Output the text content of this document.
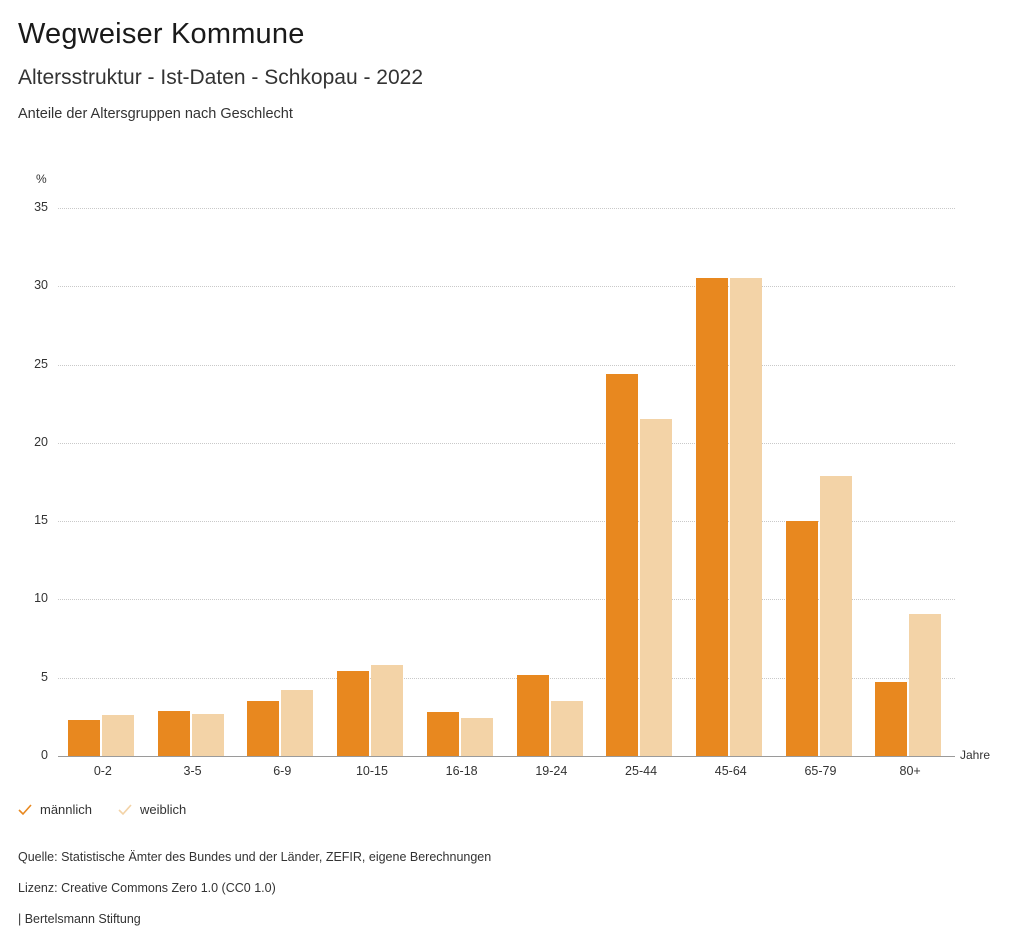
Wegweiser Kommune
Altersstruktur - Ist-Daten - Schkopau - 2022
Anteile der Altersgruppen nach Geschlecht
%
Jahre
0
5
10
15
20
25
30
35
0-2	3-5	6-9	10-15	16-18	19-24	25-44	45-64	65-79	80+
männlich	weiblich
Quelle: Statistische Ämter des Bundes und der Länder, ZEFIR, eigene Berechnungen
Lizenz: Creative Commons Zero 1.0 (CC0 1.0)
| Bertelsmann Stiftung
